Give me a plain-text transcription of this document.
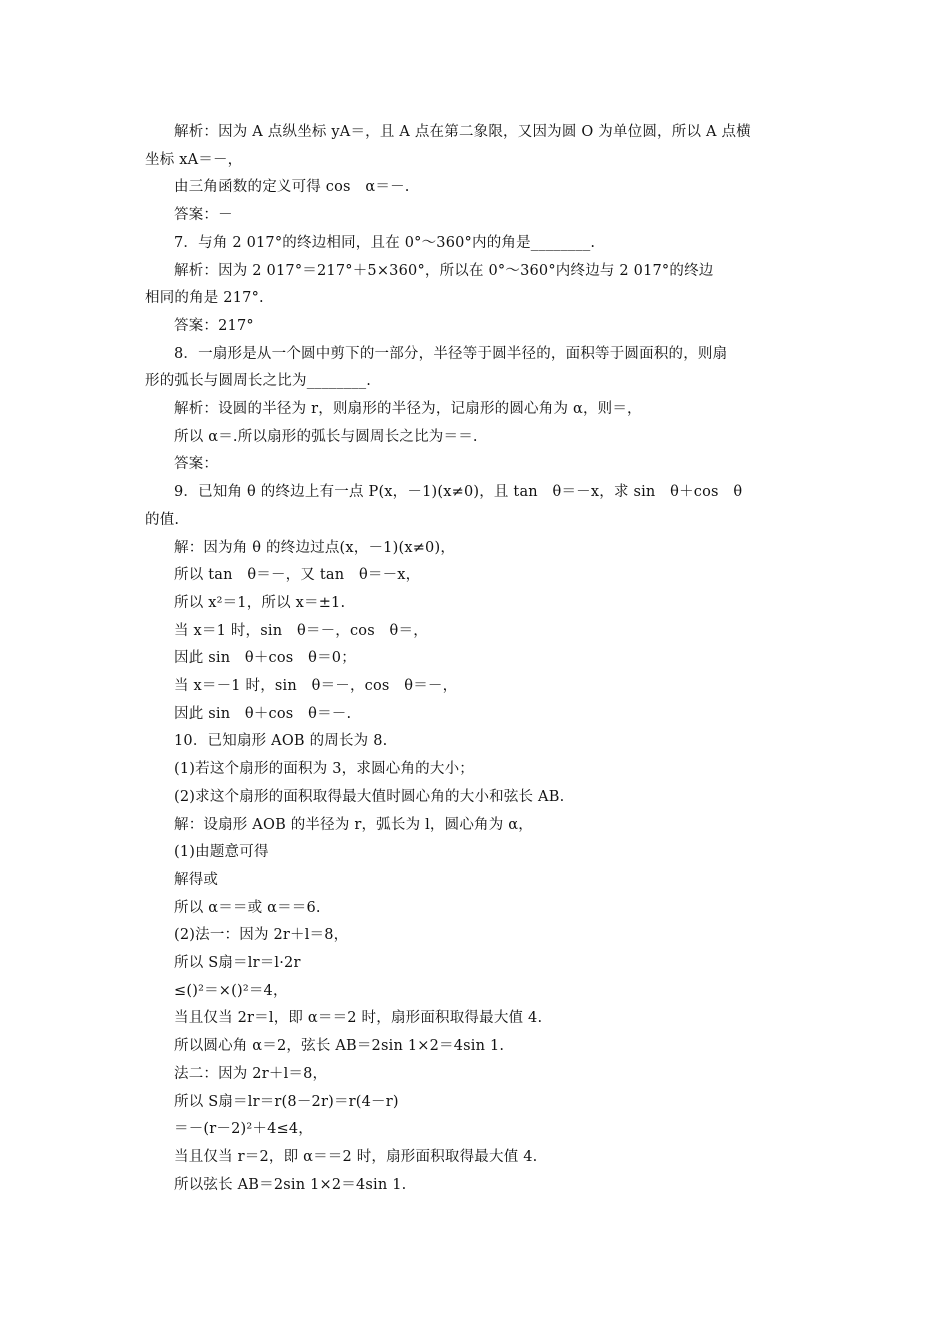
解析：因为 A 点纵坐标 yA＝，且 A 点在第二象限，又因为圆 O 为单位圆，所以 A 点横
坐标 xA＝－，
由三角函数的定义可得 cos　α＝－.
答案：－
7．与角 2 017°的终边相同，且在 0°～360°内的角是________.
解析：因为 2 017°＝217°＋5×360°，所以在 0°～360°内终边与 2 017°的终边
相同的角是 217°.
答案：217°
8．一扇形是从一个圆中剪下的一部分，半径等于圆半径的，面积等于圆面积的，则扇
形的弧长与圆周长之比为________.
解析：设圆的半径为 r，则扇形的半径为，记扇形的圆心角为 α，则＝，
所以 α＝.所以扇形的弧长与圆周长之比为＝＝.
答案：
9．已知角 θ 的终边上有一点 P(x，－1)(x≠0)，且 tan　θ＝－x，求 sin　θ＋cos　θ
的值.
解：因为角 θ 的终边过点(x，－1)(x≠0)，
所以 tan　θ＝－，又 tan　θ＝－x，
所以 x²＝1，所以 x＝±1.
当 x＝1 时，sin　θ＝－，cos　θ＝，
因此 sin　θ＋cos　θ＝0；
当 x＝－1 时，sin　θ＝－，cos　θ＝－，
因此 sin　θ＋cos　θ＝－.
10．已知扇形 AOB 的周长为 8.
(1)若这个扇形的面积为 3，求圆心角的大小；
(2)求这个扇形的面积取得最大值时圆心角的大小和弦长 AB.
解：设扇形 AOB 的半径为 r，弧长为 l，圆心角为 α，
(1)由题意可得
解得或
所以 α＝＝或 α＝＝6.
(2)法一：因为 2r＋l＝8，
所以 S扇＝lr＝l·2r
≤()²＝×()²＝4，
当且仅当 2r＝l，即 α＝＝2 时，扇形面积取得最大值 4.
所以圆心角 α＝2，弦长 AB＝2sin 1×2＝4sin 1.
法二：因为 2r＋l＝8，
所以 S扇＝lr＝r(8－2r)＝r(4－r)
＝－(r－2)²＋4≤4，
当且仅当 r＝2，即 α＝＝2 时，扇形面积取得最大值 4.
所以弦长 AB＝2sin 1×2＝4sin 1.
